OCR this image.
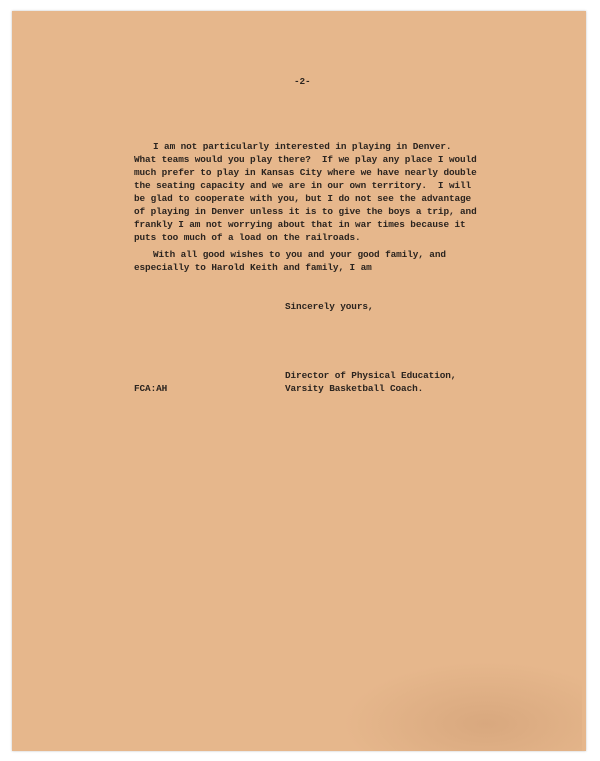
-2-
I am not particularly interested in playing in Denver.
What teams would you play there?  If we play any place I would
much prefer to play in Kansas City where we have nearly double
the seating capacity and we are in our own territory.  I will
be glad to cooperate with you, but I do not see the advantage
of playing in Denver unless it is to give the boys a trip, and
frankly I am not worrying about that in war times because it
puts too much of a load on the railroads.
With all good wishes to you and your good family, and
especially to Harold Keith and family, I am
Sincerely yours,
Director of Physical Education,
Varsity Basketball Coach.
FCA:AH
